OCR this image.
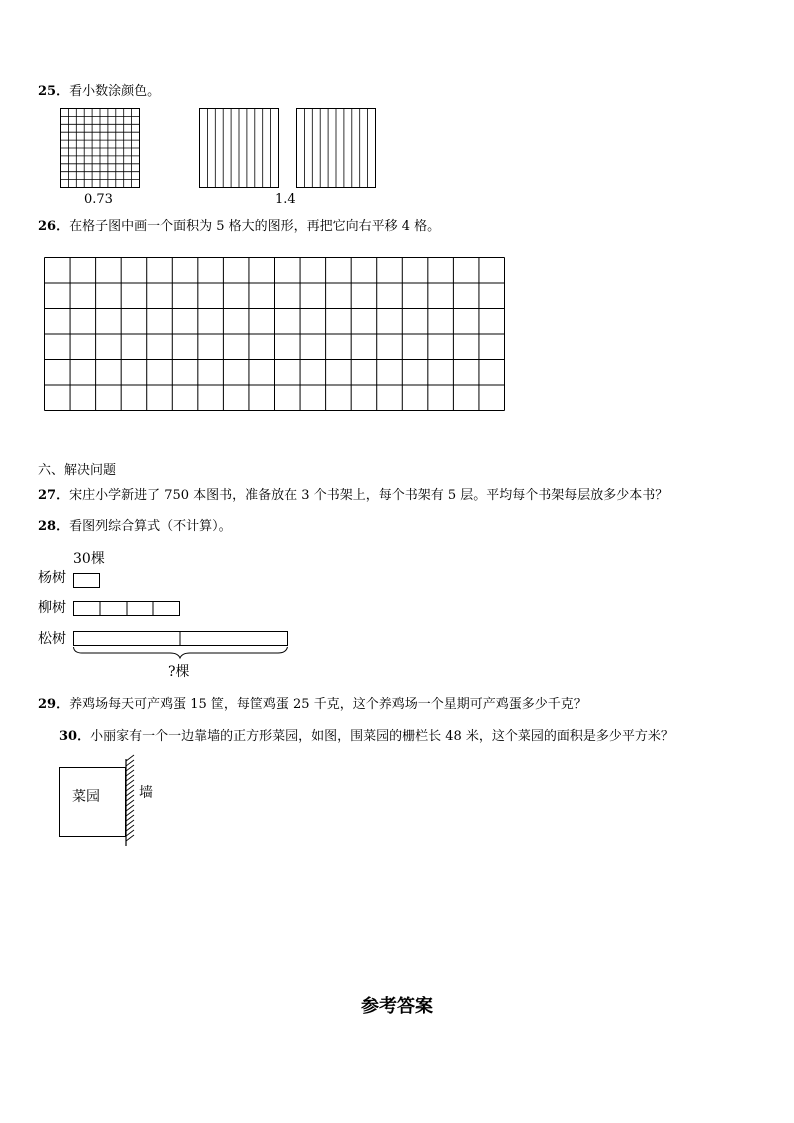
25．看小数涂颜色。
0.73	1.4
26．在格子图中画一个面积为 5 格大的图形，再把它向右平移 4 格。
六、解决问题
27．宋庄小学新进了 750 本图书，准备放在 3 个书架上，每个书架有 5 层。平均每个书架每层放多少本书？
28．看图列综合算式（不计算）。
30棵
杨树
柳树
松树
?棵
29．养鸡场每天可产鸡蛋 15 筐，每筐鸡蛋 25 千克，这个养鸡场一个星期可产鸡蛋多少千克？
30．小丽家有一个一边靠墙的正方形菜园，如图，围菜园的栅栏长 48 米，这个菜园的面积是多少平方米？
菜园	墙
参考答案
